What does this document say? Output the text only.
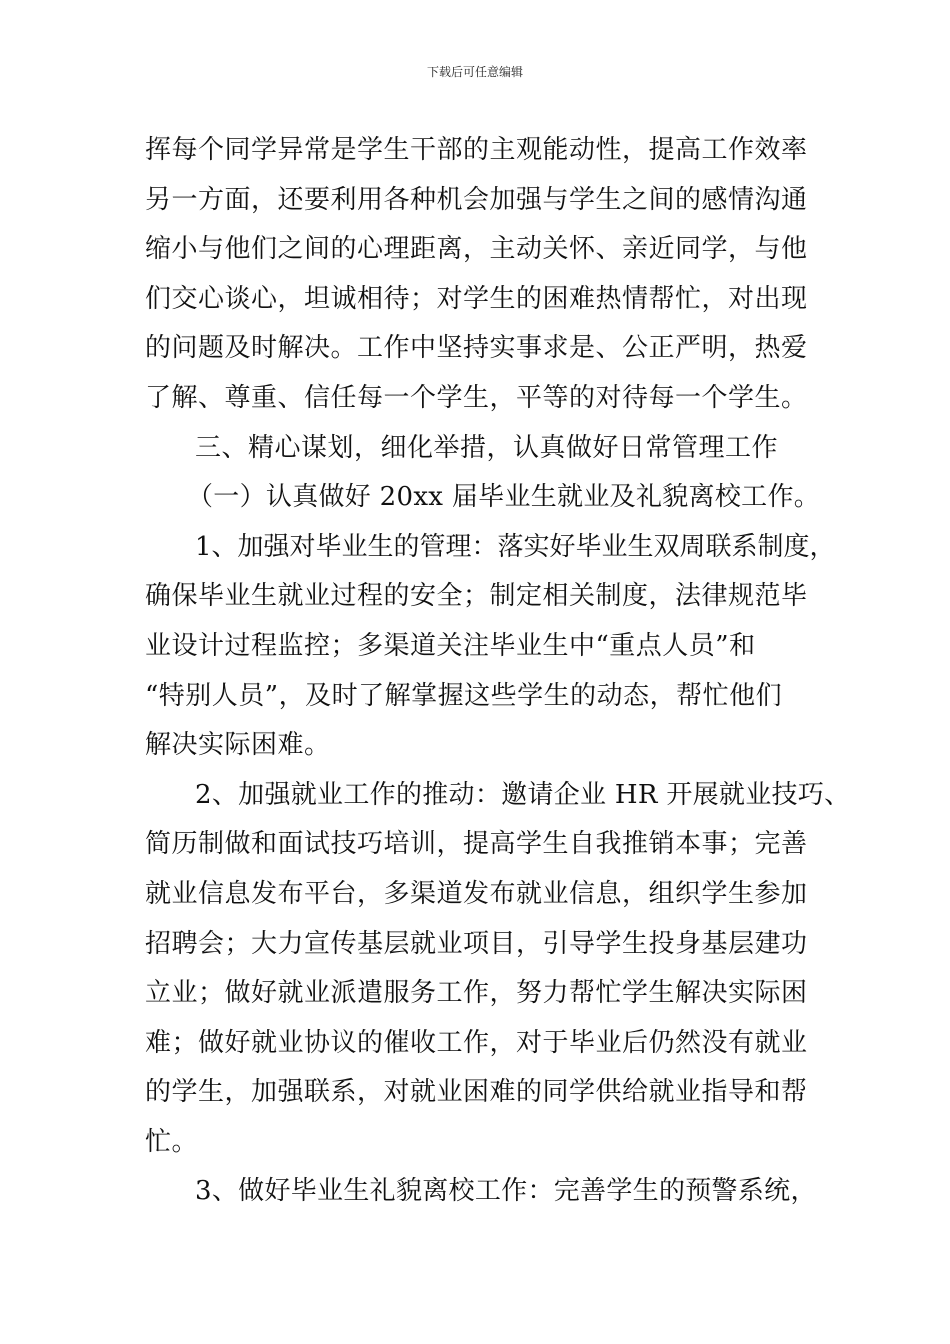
下载后可任意编辑
挥每个同学异常是学生干部的主观能动性，提高工作效率
另一方面，还要利用各种机会加强与学生之间的感情沟通
缩小与他们之间的心理距离，主动关怀、亲近同学，与他
们交心谈心，坦诚相待；对学生的困难热情帮忙，对出现
的问题及时解决。工作中坚持实事求是、公正严明，热爱
了解、尊重、信任每一个学生，平等的对待每一个学生。
三、精心谋划，细化举措，认真做好日常管理工作
（一）认真做好 20xx 届毕业生就业及礼貌离校工作。
1、加强对毕业生的管理：落实好毕业生双周联系制度，
确保毕业生就业过程的安全；制定相关制度，法律规范毕
业设计过程监控；多渠道关注毕业生中“重点人员”和
“特别人员”，及时了解掌握这些学生的动态，帮忙他们
解决实际困难。
2、加强就业工作的推动：邀请企业 HR 开展就业技巧、
简历制做和面试技巧培训，提高学生自我推销本事；完善
就业信息发布平台，多渠道发布就业信息，组织学生参加
招聘会；大力宣传基层就业项目，引导学生投身基层建功
立业；做好就业派遣服务工作，努力帮忙学生解决实际困
难；做好就业协议的催收工作，对于毕业后仍然没有就业
的学生，加强联系，对就业困难的同学供给就业指导和帮
忙。
3、做好毕业生礼貌离校工作：完善学生的预警系统，
